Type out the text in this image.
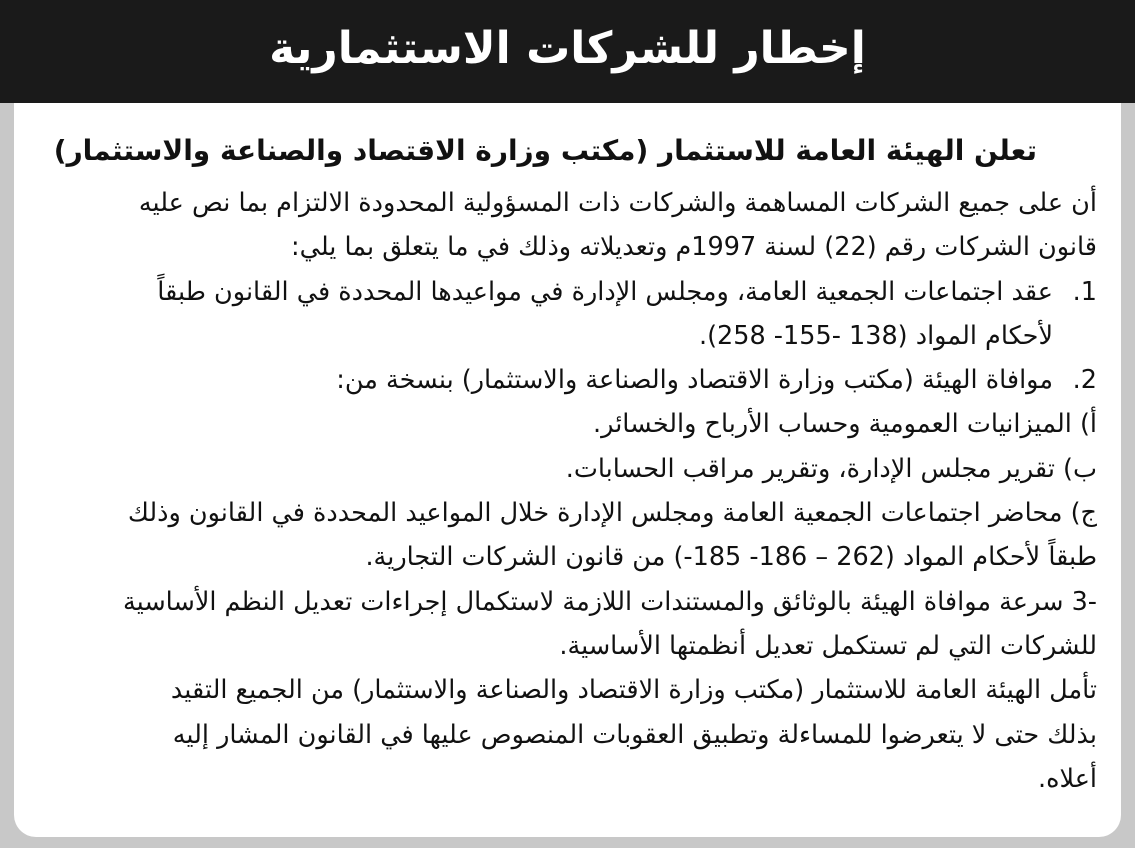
إخطار للشركات الاستثمارية

تعلن الهيئة العامة للاستثمار (مكتب وزارة الاقتصاد والصناعة والاستثمار)

أن على جميع الشركات المساهمة والشركات ذات المسؤولية المحدودة الالتزام بما نص عليه

قانون الشركات رقم (22) لسنة 1997م وتعديلاته وذلك في ما يتعلق بما يلي:

1.عقد اجتماعات الجمعية العامة، ومجلس الإدارة في مواعيدها المحددة في القانون طبقاً

لأحكام المواد (138 -155- 258).

2.موافاة الهيئة (مكتب وزارة الاقتصاد والصناعة والاستثمار) بنسخة من:

أ) الميزانيات العمومية وحساب الأرباح والخسائر.

ب) تقرير مجلس الإدارة، وتقرير مراقب الحسابات.

ج) محاضر اجتماعات الجمعية العامة ومجلس الإدارة خلال المواعيد المحددة في القانون وذلك

طبقاً لأحكام المواد (262 – 186- 185-) من قانون الشركات التجارية.

-3 سرعة موافاة الهيئة بالوثائق والمستندات اللازمة لاستكمال إجراءات تعديل النظم الأساسية

للشركات التي لم تستكمل تعديل أنظمتها الأساسية.

تأمل الهيئة العامة للاستثمار (مكتب وزارة الاقتصاد والصناعة والاستثمار) من الجميع التقيد

بذلك حتى لا يتعرضوا للمساءلة وتطبيق العقوبات المنصوص عليها في القانون المشار إليه

أعلاه.
